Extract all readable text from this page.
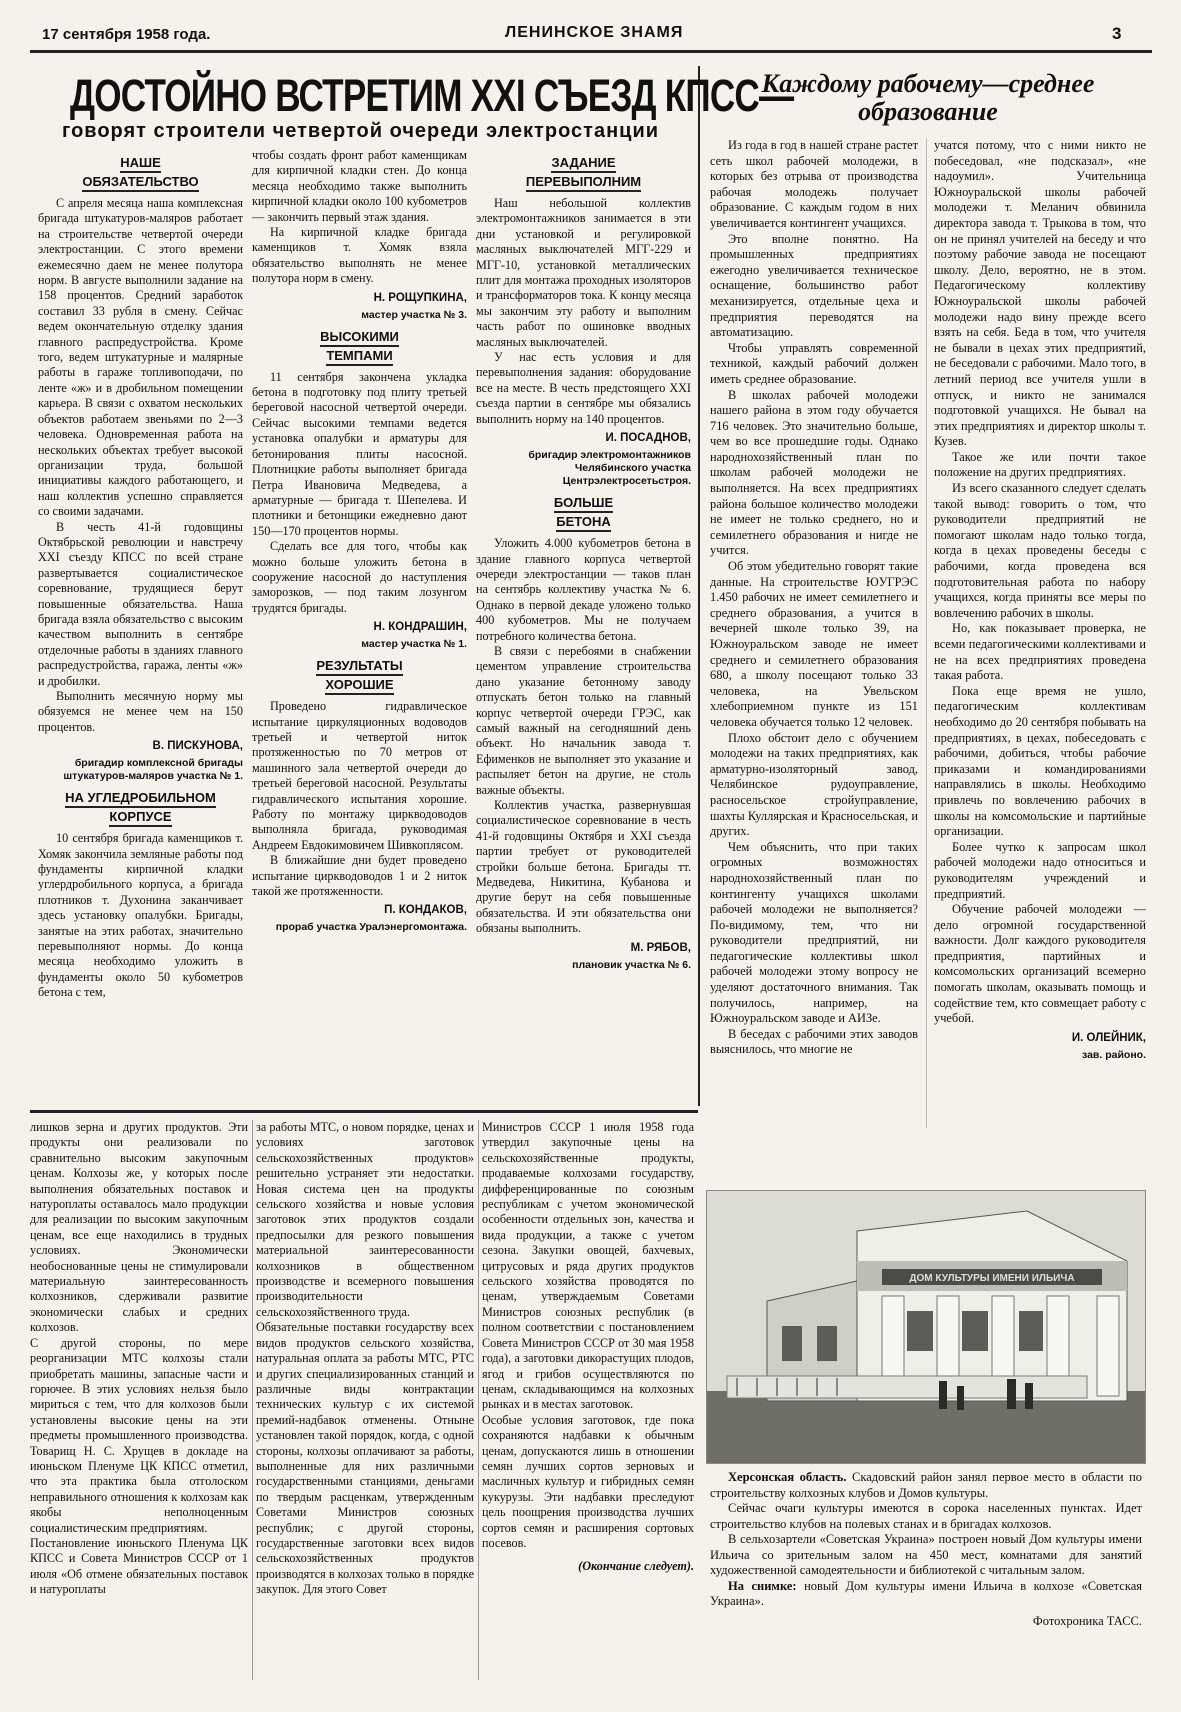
17 сентября 1958 года.	ЛЕНИНСКОЕ ЗНАМЯ	3
ДОСТОЙНО ВСТРЕТИМ XXI СЪЕЗД КПСС—
говорят строители четвертой очереди электростанции
НАШЕ
ОБЯЗАТЕЛЬСТВО

С апреля месяца наша комплексная бригада штукатуров-маляров работает на строительстве четвертой очереди электростанции. С этого времени ежемесячно даем не менее полутора норм. В августе выполнили задание на 158 процентов. Средний заработок составил 33 рубля в смену. Сейчас ведем окончательную отделку здания главного распредустройства. Кроме того, ведем штукатурные и малярные работы в гараже топливоподачи, по ленте «ж» и в дробильном помещении карьера. В связи с охватом нескольких объектов работаем звеньями по 2—3 человека. Одновременная работа на нескольких объектах требует высокой организации труда, большой инициативы каждого работающего, и наш коллектив успешно справляется со своими задачами.

В честь 41-й годовщины Октябрьской революции и навстречу XXI съезду КПСС по всей стране развертывается социалистическое соревнование, трудящиеся берут повышенные обязательства. Наша бригада взяла обязательство с высоким качеством выполнить в сентябре отделочные работы в зданиях главного распредустройства, гаража, ленты «ж» и дробилки.

Выполнить месячную норму мы обязуемся не менее чем на 150 процентов.

В. ПИСКУНОВА,
бригадир комплексной бригады штукатуров-маляров участка № 1.
НА УГЛЕДРОБИЛЬНОМ
КОРПУСЕ

10 сентября бригада каменщиков т. Хомяк закончила земляные работы под фундаменты кирпичной кладки углердробильного корпуса, а бригада плотников т. Духонина заканчивает здесь установку опалубки. Бригады, занятые на этих работах, значительно перевыполняют нормы. До конца месяца необходимо уложить в фундаменты около 50 кубометров бетона с тем,

чтобы создать фронт работ каменщикам для кирпичной кладки стен. До конца месяца необходимо также выполнить кирпичной кладки около 100 кубометров — закончить первый этаж здания.

На кирпичной кладке бригада каменщиков т. Хомяк взяла обязательство выполнять не менее полутора норм в смену.

Н. РОЩУПКИНА,
мастер участка № 3.
ВЫСОКИМИ
ТЕМПАМИ

11 сентября закончена укладка бетона в подготовку под плиту третьей береговой насосной четвертой очереди. Сейчас высокими темпами ведется установка опалубки и арматуры для бетонирования плиты насосной. Плотницкие работы выполняет бригада Петра Ивановича Медведева, а арматурные — бригада т. Шепелева. И плотники и бетонщики ежедневно дают 150—170 процентов нормы.

Сделать все для того, чтобы как можно больше уложить бетона в сооружение насосной до наступления заморозков, — под таким лозунгом трудятся бригады.

Н. КОНДРАШИН,
мастер участка № 1.
РЕЗУЛЬТАТЫ
ХОРОШИЕ

Проведено гидравлическое испытание циркуляционных водоводов третьей и четвертой ниток протяженностью по 70 метров от машинного зала четвертой очереди до третьей береговой насосной. Результаты гидравлического испытания хорошие. Работу по монтажу циркводоводов выполняла бригада, руководимая Андреем Евдокимовичем Шивкоплясом.

В ближайшие дни будет проведено испытание циркводоводов 1 и 2 ниток такой же протяженности.

П. КОНДАКОВ,
прораб участка Уралэнергомонтажа.
ЗАДАНИЕ
ПЕРЕВЫПОЛНИМ

Наш небольшой коллектив электромонтажников занимается в эти дни установкой и регулировкой масляных выключателей МГГ-229 и МГГ-10, установкой металлических плит для монтажа проходных изоляторов и трансформаторов тока. К концу месяца мы закончим эту работу и выполним часть работ по ошиновке вводных масляных выключателей.

У нас есть условия и для перевыполнения задания: оборудование все на месте. В честь предстоящего XXI съезда партии в сентябре мы обязались выполнить норму на 140 процентов.

И. ПОСАДНОВ,
бригадир электромонтажников Челябинского участка Центрэлектросетьстроя.
БОЛЬШЕ
БЕТОНА

Уложить 4.000 кубометров бетона в здание главного корпуса четвертой очереди электростанции — таков план на сентябрь коллективу участка № 6. Однако в первой декаде уложено только 400 кубометров. Мы не получаем потребного количества бетона.

В связи с перебоями в снабжении цементом управление строительства дано указание бетонному заводу отпускать бетон только на главный корпус четвертой очереди ГРЭС, как самый важный на сегодняшний день объект. Но начальник завода т. Ефименков не выполняет это указание и распыляет бетон на другие, не столь важные объекты.

Коллектив участка, развернувшая социалистическое соревнование в честь 41-й годовщины Октября и XXI съезда партии требует от руководителей стройки больше бетона. Бригады тт. Медведева, Никитина, Кубанова и другие берут на себя повышенные обязательства. И эти обязательства они обязаны выполнить.

М. РЯБОВ,
плановик участка № 6.
Каждому рабочему—среднее
образование

Из года в год в нашей стране растет сеть школ рабочей молодежи, в которых без отрыва от производства рабочая молодежь получает образование. С каждым годом в них увеличивается контингент учащихся.

Это вполне понятно. На промышленных предприятиях ежегодно увеличивается техническое оснащение, большинство работ механизируется, отдельные цеха и предприятия переводятся на автоматизацию.

Чтобы управлять современной техникой, каждый рабочий должен иметь среднее образование.

В школах рабочей молодежи нашего района в этом году обучается 716 человек. Это значительно больше, чем во все прошедшие годы. Однако народнохозяйственный план по школам рабочей молодежи не выполняется. На всех предприятиях района большое количество молодежи не имеет не только среднего, но и семилетнего образования и нигде не учится.

Об этом убедительно говорят такие данные. На строительстве ЮУГРЭС 1.450 рабочих не имеет семилетнего и среднего образования, а учится в вечерней школе только 39, на Южноуральском заводе не имеет среднего и семилетнего образования 680, а школу посещают только 33 человека, на Увельском хлебоприемном пункте из 151 человека обучается только 12 человек.

Плохо обстоит дело с обучением молодежи на таких предприятиях, как арматурно-изоляторный завод, Челябинское рудоуправление, расносельское стройуправление, шахты Куллярская и Красносельская, и других.

Чем объяснить, что при таких огромных возможностях народнохозяйственный план по контингенту учащихся школами рабочей молодежи не выполняется? По-видимому, тем, что ни руководители предприятий, ни педагогические коллективы школ рабочей молодежи этому вопросу не уделяют достаточного внимания. Так получилось, например, на Южноуральском заводе и АИЗе.

В беседах с рабочими этих заводов выяснилось, что многие не

учатся потому, что с ними никто не побеседовал, «не подсказал», «не надоумил». Учительница Южноуральской школы рабочей молодежи т. Меланич обвинила директора завода т. Трыкова в том, что он не принял учителей на беседу и что поэтому рабочие завода не посещают школу. Дело, вероятно, не в этом. Педагогическому коллективу Южноуральской школы рабочей молодежи надо вину прежде всего взять на себя. Беда в том, что учителя не бывали в цехах этих предприятий, не беседовали с рабочими. Мало того, в летний период все учителя ушли в отпуск, и никто не занимался подготовкой учащихся. Не бывал на этих предприятиях и директор школы т. Кузев.

Такое же или почти такое положение на других предприятиях.

Из всего сказанного следует сделать такой вывод: говорить о том, что руководители предприятий не помогают школам надо только тогда, когда в цехах проведены беседы с рабочими, когда проведена вся подготовительная работа по набору учащихся, когда приняты все меры по вовлечению рабочих в школы.

Но, как показывает проверка, не всеми педагогическими коллективами и не на всех предприятиях проведена такая работа.

Пока еще время не ушло, педагогическим коллективам необходимо до 20 сентября побывать на предприятиях, в цехах, побеседовать с рабочими, добиться, чтобы рабочие приказами и командированиями направлялись в школы. Необходимо привлечь по вовлечению рабочих в школы на комсомольские и партийные организации.

Более чутко к запросам школ рабочей молодежи надо относиться и руководителям учреждений и предприятий.

Обучение рабочей молодежи — дело огромной государственной важности. Долг каждого руководителя предприятия, партийных и комсомольских организаций всемерно помогать школам, оказывать помощь и содействие тем, кто совмещает работу с учебой.

И. ОЛЕЙНИК,
зав. районо.

лишков зерна и других продуктов. Эти продукты они реализовали по сравнительно высоким закупочным ценам. Колхозы же, у которых после выполнения обязательных поставок и натуроплаты оставалось мало продукции для реализации по высоким закупочным ценам, все еще находились в трудных условиях. Экономически необоснованные цены не стимулировали материальную заинтересованность колхозников, сдерживали развитие экономически слабых и средних колхозов.
С другой стороны, по мере реорганизации МТС колхозы стали приобретать машины, запасные части и горючее. В этих условиях нельзя было мириться с тем, что для колхозов были установлены высокие цены на эти предметы промышленного производства. Товарищ Н. С. Хрущев в докладе на июньском Пленуме ЦК КПСС отметил, что эта практика была отголоском неправильного отношения к колхозам как якобы неполноценным социалистическим предприятиям.
Постановление июньского Пленума ЦК КПСС и Совета Министров СССР от 1 июля «Об отмене обязательных поставок и натуроплаты

за работы МТС, о новом порядке, ценах и условиях заготовок сельскохозяйственных продуктов» решительно устраняет эти недостатки. Новая система цен на продукты сельского хозяйства и новые условия заготовок этих продуктов создали предпосылки для резкого повышения материальной заинтересованности колхозников в общественном производстве и всемерного повышения производительности сельскохозяйственного труда.
Обязательные поставки государству всех видов продуктов сельского хозяйства, натуральная оплата за работы МТС, РТС и других специализированных станций и различные виды контрактации технических культур с их системой премий-надбавок отменены. Отныне установлен такой порядок, когда, с одной стороны, колхозы оплачивают за работы, выполненные для них различными государственными станциями, деньгами по твердым расценкам, утвержденным Советами Министров союзных республик; с другой стороны, государственные заготовки всех видов сельскохозяйственных продуктов производятся в колхозах только в порядке закупок. Для этого Совет

Министров СССР 1 июля 1958 года утвердил закупочные цены на сельскохозяйственные продукты, продаваемые колхозами государству, дифференцированные по союзным республикам с учетом экономической особенности отдельных зон, качества и вида продукции, а также с учетом сезона. Закупки овощей, бахчевых, цитрусовых и ряда других продуктов сельского хозяйства проводятся по ценам, утверждаемым Советами Министров союзных республик (в полном соответствии с постановлением Совета Министров СССР от 30 мая 1958 года), а заготовки дикорастущих плодов, ягод и грибов осуществляются по ценам, складывающимся на колхозных рынках и в местах заготовок.
Особые условия заготовок, где пока сохраняются надбавки к обычным ценам, допускаются лишь в отношении семян лучших сортов зерновых и масличных культур и гибридных семян кукурузы. Эти надбавки преследуют цель поощрения производства лучших сортов семян и расширения сортовых посевов.

(Окончание следует).
ДОМ КУЛЬТУРЫ ИМЕНИ ИЛЬИЧА

Херсонская область. Скадовский район занял первое место в области по строительству колхозных клубов и Домов культуры.

Сейчас очаги культуры имеются в сорока населенных пунктах. Идет строительство клубов на полевых станах и в бригадах колхозов.

В сельхозартели «Советская Украина» построен новый Дом культуры имени Ильича со зрительным залом на 450 мест, комнатами для занятий художественной самодеятельности и библиотекой с читальным залом.

На снимке: новый Дом культуры имени Ильича в колхозе «Советская Украина».

Фотохроника ТАСС.
